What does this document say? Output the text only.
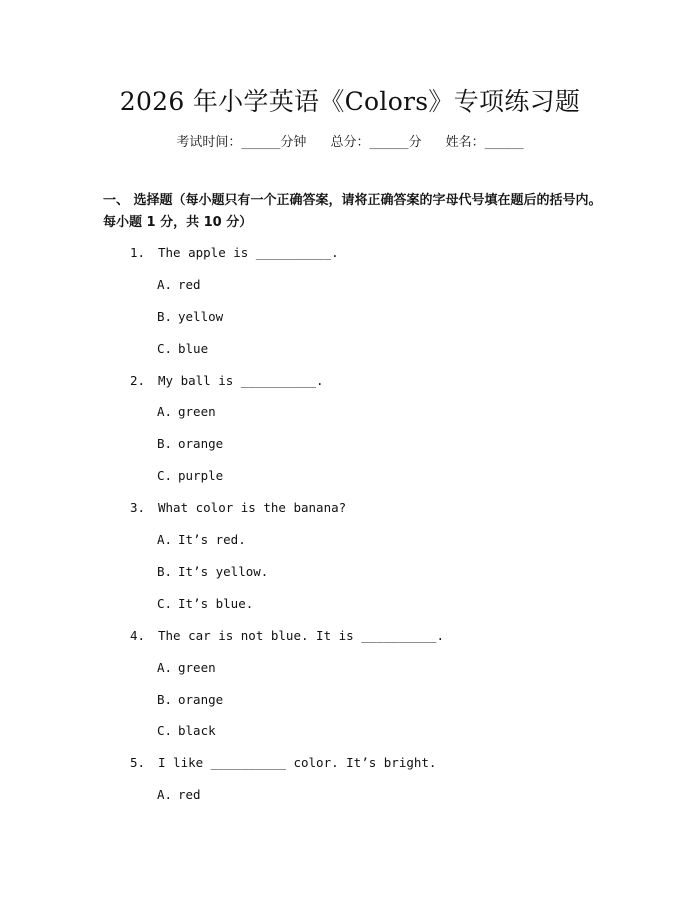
2026 年小学英语《Colors》专项练习题
考试时间：______分钟 总分：______分 姓名：______
一、 选择题（每小题只有一个正确答案，请将正确答案的字母代号填在题后的括号内。每小题 1 分，共 10 分）
1. The apple is __________.
A. red
B. yellow
C. blue
2. My ball is __________.
A. green
B. orange
C. purple
3. What color is the banana?
A. It’s red.
B. It’s yellow.
C. It’s blue.
4. The car is not blue. It is __________.
A. green
B. orange
C. black
5. I like __________ color. It’s bright.
A. red
